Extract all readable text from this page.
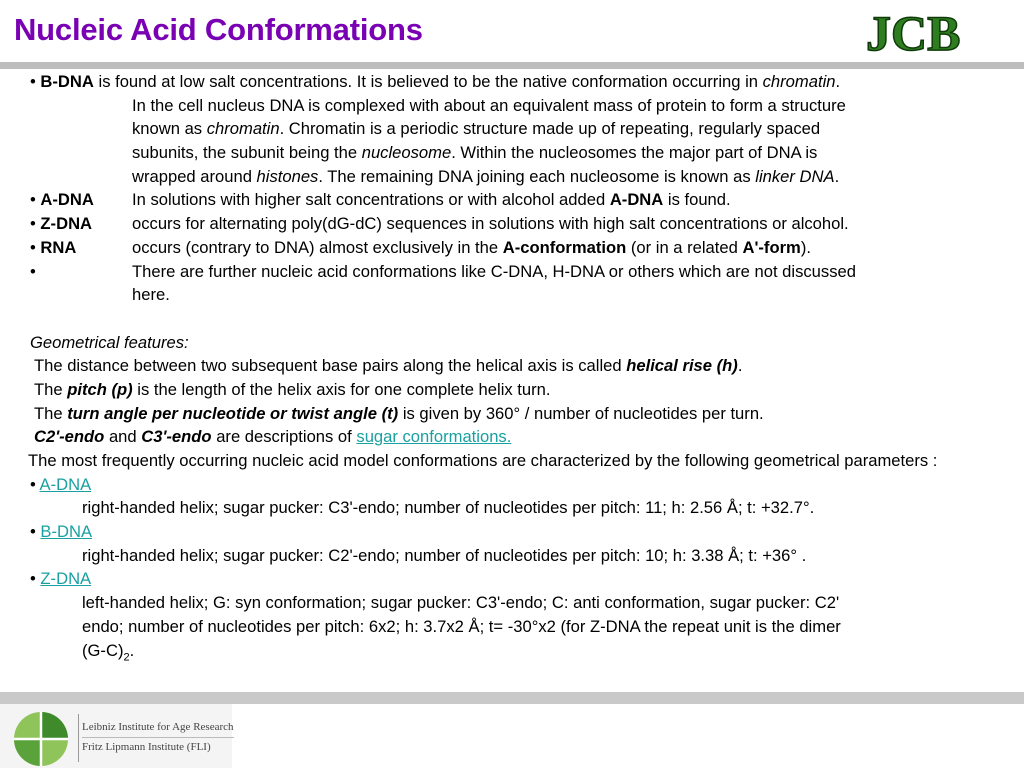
Nucleic Acid Conformations	JCB
• B-DNA is found at low salt concentrations. It is believed to be the native conformation occurring in chromatin.
In the cell nucleus DNA is complexed with about an equivalent mass of protein to form a structure
known as chromatin. Chromatin is a periodic structure made up of repeating, regularly spaced
subunits, the subunit being the nucleosome. Within the nucleosomes the major part of DNA is
wrapped around histones. The remaining DNA joining each nucleosome is known as linker DNA.
• A-DNA In solutions with higher salt concentrations or with alcohol added A-DNA is found.
• Z-DNA occurs for alternating poly(dG-dC) sequences in solutions with high salt concentrations or alcohol.
• RNA	occurs (contrary to DNA) almost exclusively in the A-conformation (or in a related A'-form).
•	There are further nucleic acid conformations like C-DNA, H-DNA or others which are not discussed
here.
Geometrical features:
The distance between two subsequent base pairs along the helical axis is called helical rise (h).
The pitch (p) is the length of the helix axis for one complete helix turn.
The turn angle per nucleotide or twist angle (t) is given by 360° / number of nucleotides per turn.
C2'-endo and C3'-endo are descriptions of sugar conformations.
The most frequently occurring nucleic acid model conformations are characterized by the following geometrical parameters :
• A-DNA
right-handed helix; sugar pucker: C3'-endo; number of nucleotides per pitch: 11; h: 2.56 Å; t: +32.7°.
• B-DNA
right-handed helix; sugar pucker: C2'-endo; number of nucleotides per pitch: 10; h: 3.38 Å; t: +36° .
• Z-DNA
left-handed helix; G: syn conformation; sugar pucker: C3'-endo; C: anti conformation, sugar pucker: C2'
endo; number of nucleotides per pitch: 6x2; h: 3.7x2 Å; t= -30°x2 (for Z-DNA the repeat unit is the dimer
$(G-C)_2$.
Leibniz Institute for Age Research
Fritz Lipmann Institute (FLI)
